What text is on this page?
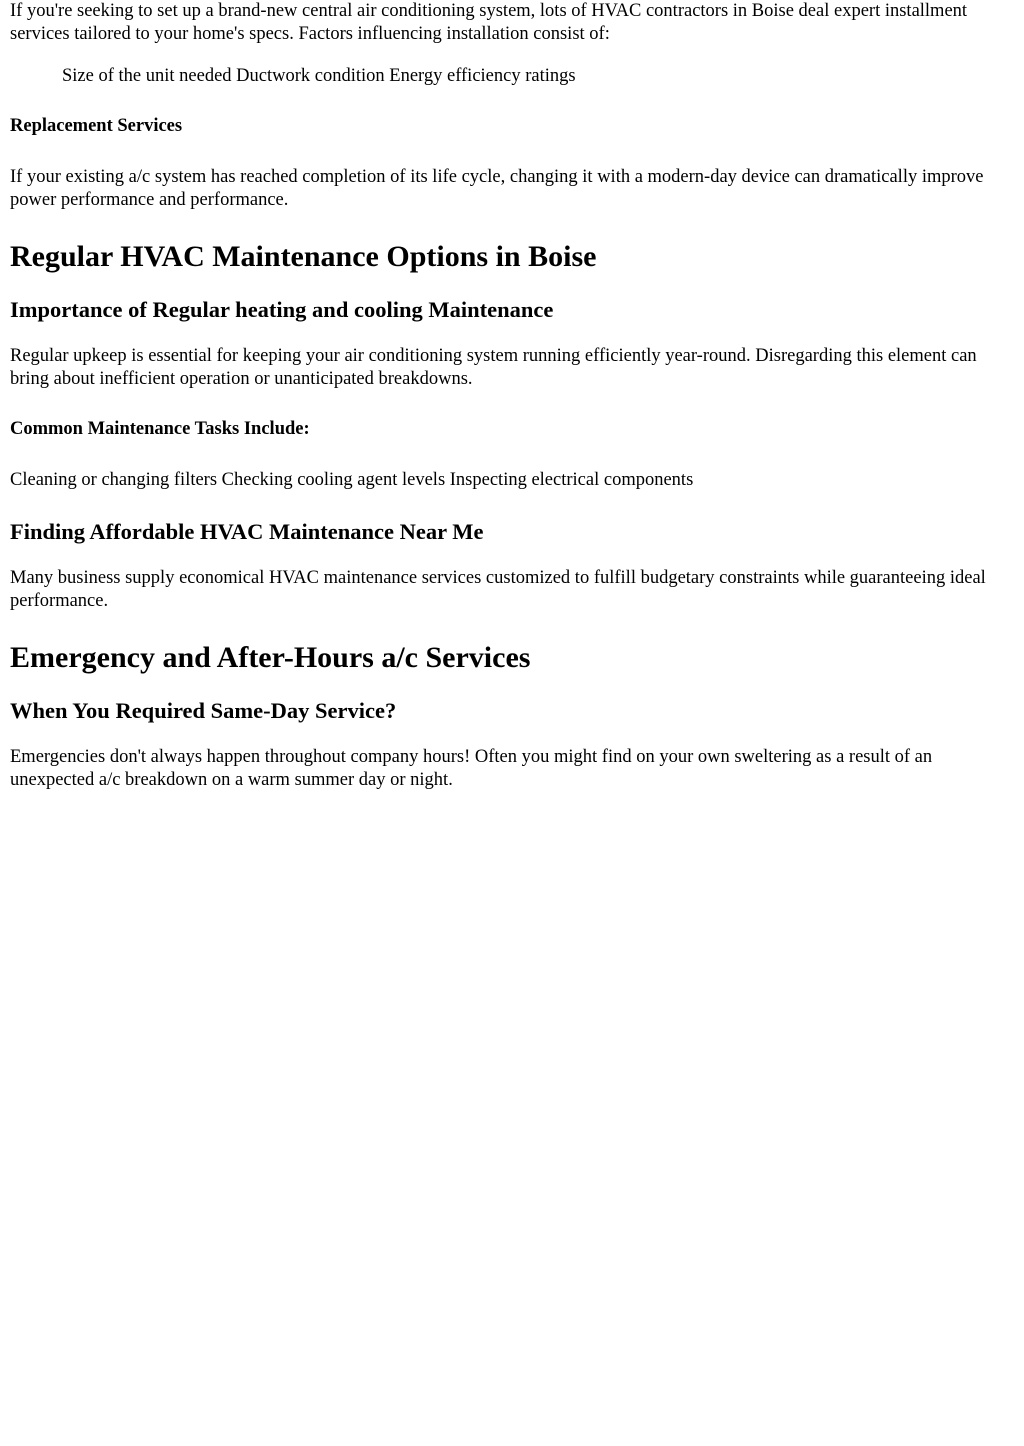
If you're seeking to set up a brand-new central air conditioning system, lots of HVAC contractors in Boise deal expert installment services tailored to your home's specs. Factors influencing installation consist of:

Size of the unit needed Ductwork condition Energy efficiency ratings

Replacement Services

If your existing a/c system has reached completion of its life cycle, changing it with a modern-day device can dramatically improve power performance and performance.

Regular HVAC Maintenance Options in Boise
Importance of Regular heating and cooling Maintenance

Regular upkeep is essential for keeping your air conditioning system running efficiently year-round. Disregarding this element can bring about inefficient operation or unanticipated breakdowns.

Common Maintenance Tasks Include:

Cleaning or changing filters Checking cooling agent levels Inspecting electrical components

Finding Affordable HVAC Maintenance Near Me

Many business supply economical HVAC maintenance services customized to fulfill budgetary constraints while guaranteeing ideal performance.

Emergency and After-Hours a/c Services
When You Required Same-Day Service?

Emergencies don't always happen throughout company hours! Often you might find on your own sweltering as a result of an unexpected a/c breakdown on a warm summer day or night.
